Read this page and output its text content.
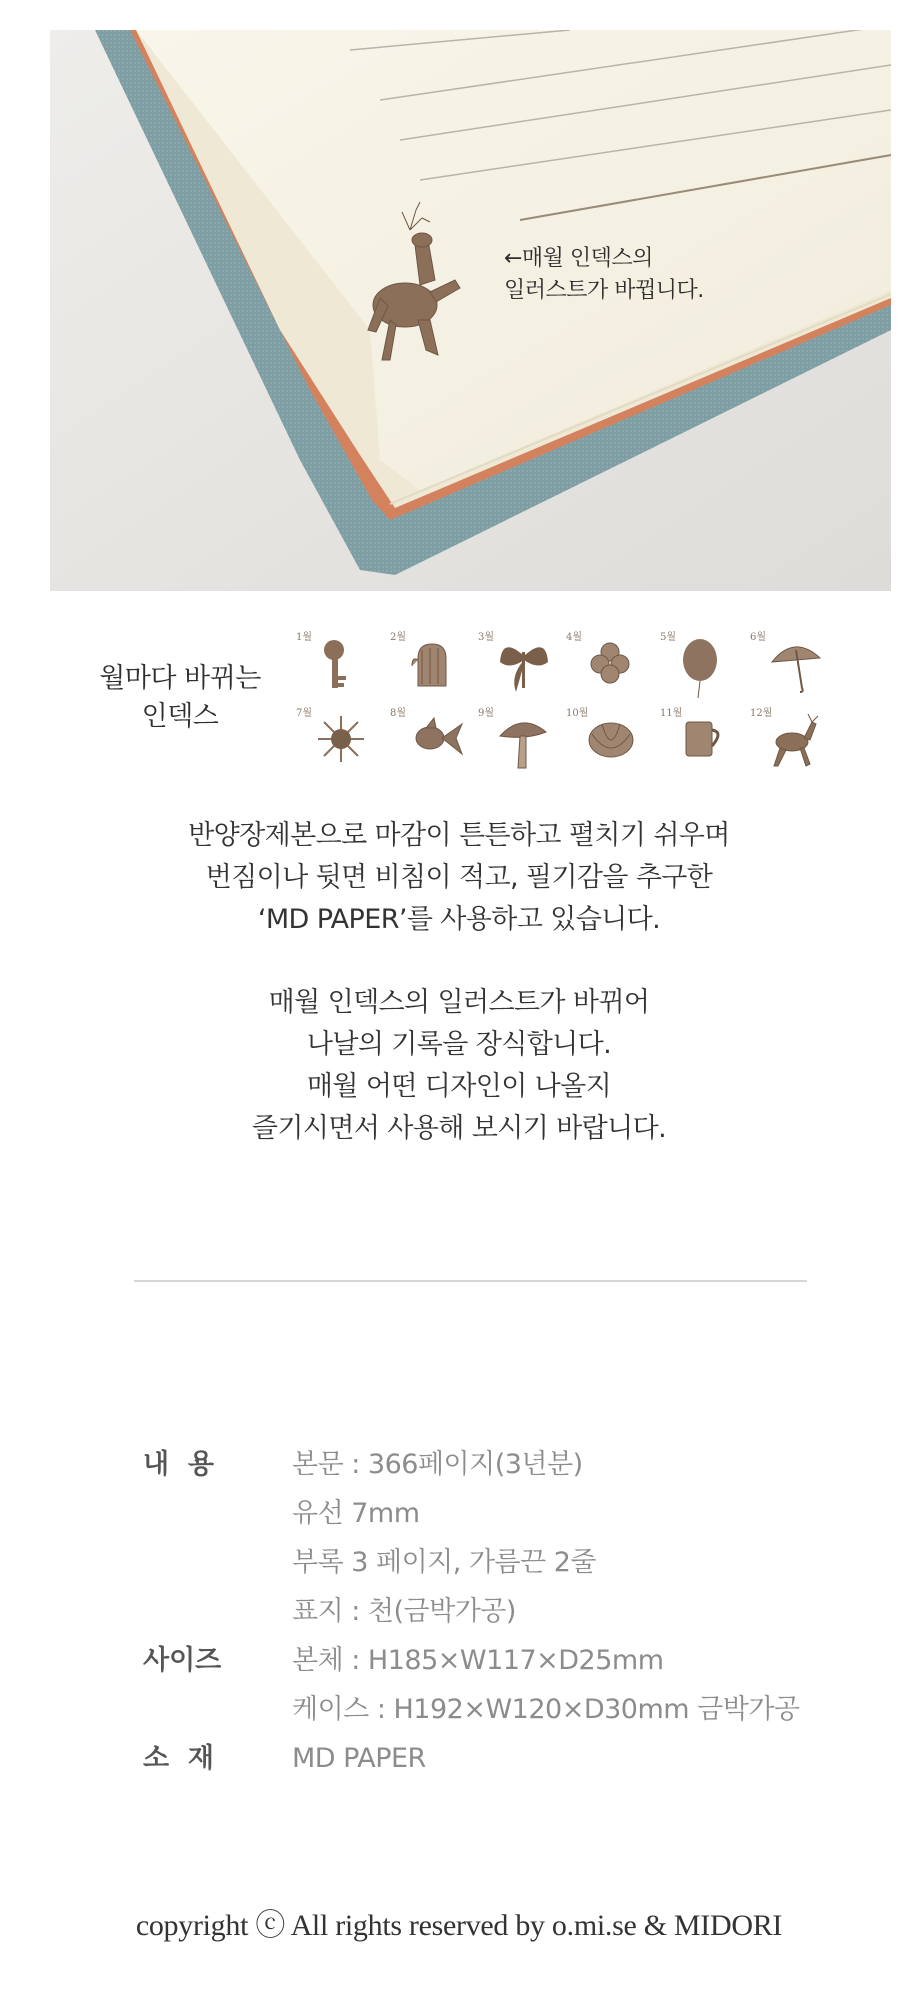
←매월 인덱스의
일러스트가 바뀝니다.
월마다 바뀌는
인덱스
1월	2월	3월	4월	5월	6월
7월	8월	9월	10월	11월	12월

반양장제본으로 마감이 튼튼하고 펼치기 쉬우며

번짐이나 뒷면 비침이 적고, 필기감을 추구한

‘MD PAPER’를 사용하고 있습니다.

매월 인덱스의 일러스트가 바뀌어

나날의 기록을 장식합니다.

매월 어떤 디자인이 나올지

즐기시면서 사용해 보시기 바랍니다.

내  용	본문 : 366페이지(3년분)
유선 7mm
부록 3 페이지, 가름끈 2줄
표지 : 천(금박가공)
사이즈	본체 : H185×W117×D25mm
케이스 : H192×W120×D30mm 금박가공
소  재	MD PAPER
copyright ⓒ All rights reserved by o.mi.se & MIDORI
